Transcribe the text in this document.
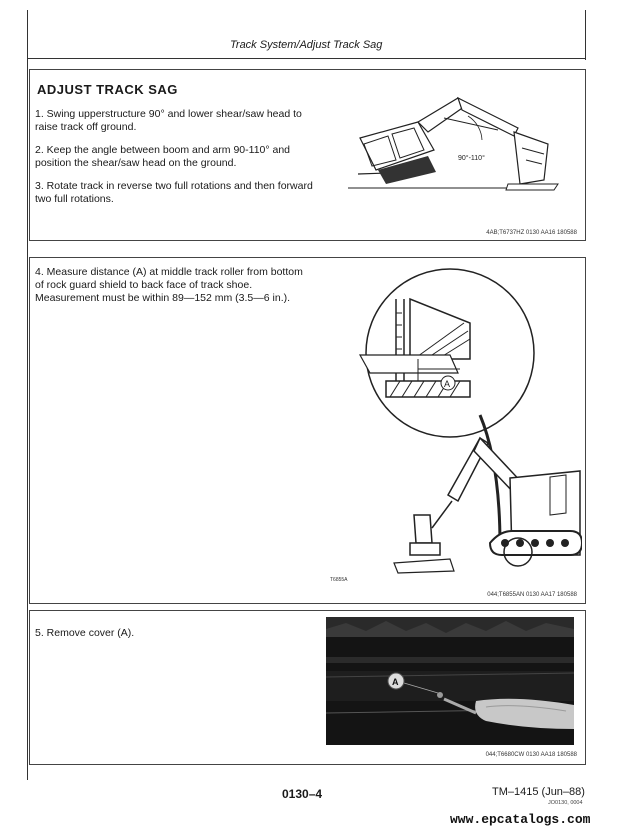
Track System/Adjust Track Sag
ADJUST TRACK SAG

1. Swing upperstructure 90° and lower shear/saw head to raise track off ground.

2. Keep the angle between boom and arm 90-110° and position the shear/saw head on the ground.

3. Rotate track in reverse two full rotations and then forward two full rotations.

90°-110°
4AB;T6737HZ 0130 AA16 180588

4. Measure distance (A) at middle track roller from bottom of rock guard shield to back face of track shoe. Measurement must be within 89—152 mm (3.5—6 in.).

A
T6855A
044;T6855AN 0130 AA17 180588

5. Remove cover (A).

A
044;T6680CW 0130 AA18 180588
0130–4	TM–1415 (Jun–88)
JO0130, 0004
www.epcatalogs.com
